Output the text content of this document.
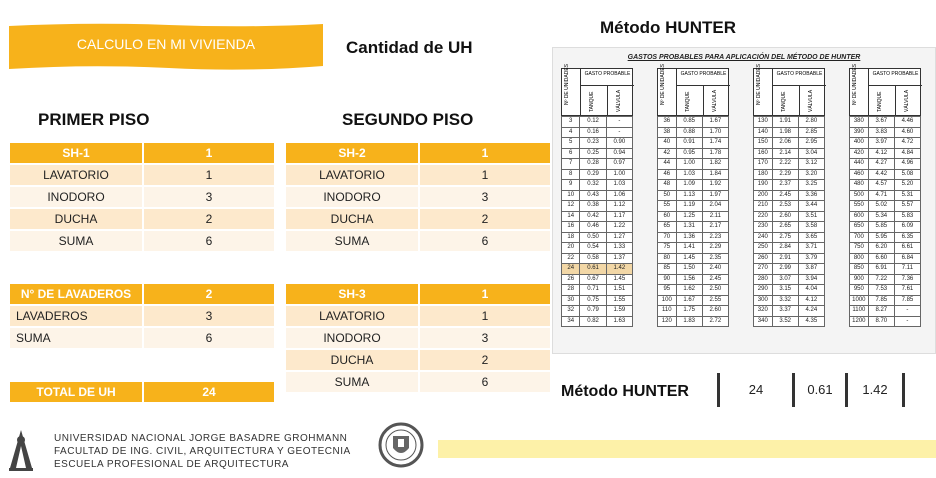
CALCULO EN MI VIVIENDA	Cantidad de UH
Método HUNTER
PRIMER PISO	SEGUNDO PISO
SH-1	1
LAVATORIO	1
INODORO	3
DUCHA	2
SUMA	6
N° DE LAVADEROS	2
LAVADEROS	3
SUMA	6
TOTAL DE UH	24
SH-2	1
LAVATORIO	1
INODORO	3
DUCHA	2
SUMA	6
SH-3	1
LAVATORIO	1
INODORO	3
DUCHA	2
SUMA	6
GASTOS PROBABLES PARA APLICACIÓN DEL MÉTODO DE HUNTER
Nº DE UNIDADES	GASTO PROBABLE
TANQUE	VÁLVULA
3	0.12	-
4	0.16	-
5	0.23	0.90
6	0.25	0.94
7	0.28	0.97
8	0.29	1.00
9	0.32	1.03
10	0.43	1.06
12	0.38	1.12
14	0.42	1.17
16	0.46	1.22
18	0.50	1.27
20	0.54	1.33
22	0.58	1.37
24	0.61	1.42
26	0.67	1.45
28	0.71	1.51
30	0.75	1.55
32	0.79	1.59
34	0.82	1.63
Nº DE UNIDADES	GASTO PROBABLE
TANQUE	VÁLVULA
36	0.85	1.67
38	0.88	1.70
40	0.91	1.74
42	0.95	1.78
44	1.00	1.82
46	1.03	1.84
48	1.09	1.92
50	1.13	1.97
55	1.19	2.04
60	1.25	2.11
65	1.31	2.17
70	1.36	2.23
75	1.41	2.29
80	1.45	2.35
85	1.50	2.40
90	1.56	2.45
95	1.62	2.50
100	1.67	2.55
110	1.75	2.60
120	1.83	2.72
Nº DE UNIDADES	GASTO PROBABLE
TANQUE	VÁLVULA
130	1.91	2.80
140	1.98	2.85
150	2.06	2.95
160	2.14	3.04
170	2.22	3.12
180	2.29	3.20
190	2.37	3.25
200	2.45	3.36
210	2.53	3.44
220	2.60	3.51
230	2.65	3.58
240	2.75	3.65
250	2.84	3.71
260	2.91	3.79
270	2.99	3.87
280	3.07	3.94
290	3.15	4.04
300	3.32	4.12
320	3.37	4.24
340	3.52	4.35
Nº DE UNIDADES	GASTO PROBABLE
TANQUE	VÁLVULA
380	3.67	4.46
390	3.83	4.60
400	3.97	4.72
420	4.12	4.84
440	4.27	4.96
460	4.42	5.08
480	4.57	5.20
500	4.71	5.31
550	5.02	5.57
600	5.34	5.83
650	5.85	6.09
700	5.95	6.35
750	6.20	6.61
800	6.60	6.84
850	6.91	7.11
900	7.22	7.36
950	7.53	7.61
1000	7.85	7.85
1100	8.27	-
1200	8.70	-
Método HUNTER	24	0.61	1.42
UNIVERSIDAD NACIONAL JORGE BASADRE GROHMANN
FACULTAD DE ING. CIVIL, ARQUITECTURA Y GEOTECNIA
ESCUELA PROFESIONAL DE ARQUITECTURA
